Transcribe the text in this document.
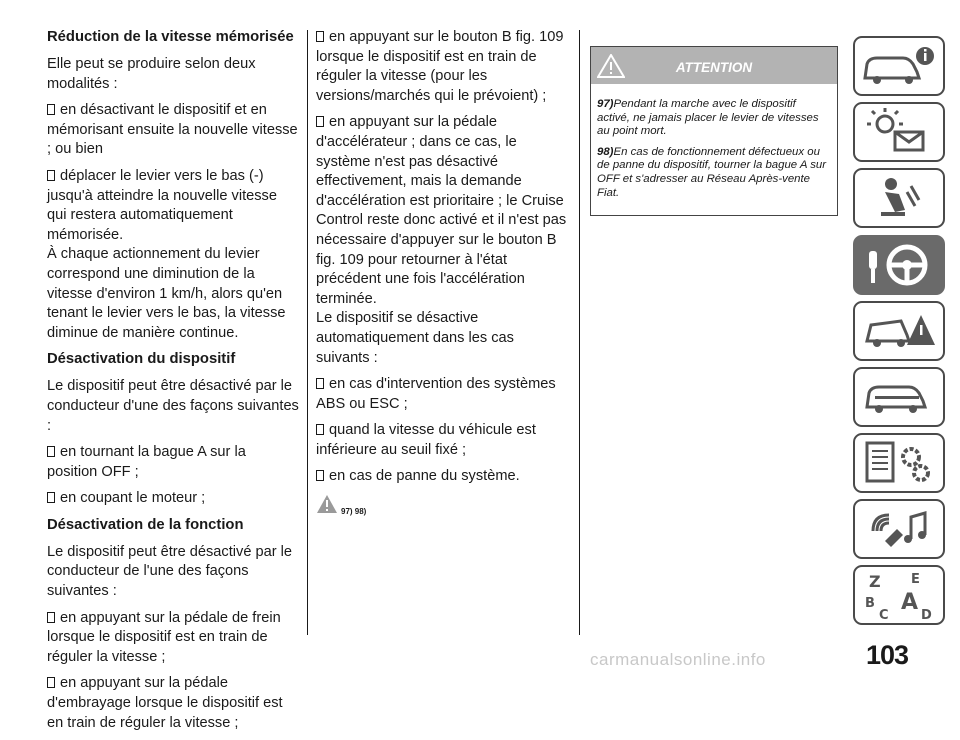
Réduction de la vitesse mémorisée

Elle peut se produire selon deux modalités :

en désactivant le dispositif et en mémorisant ensuite la nouvelle vitesse ; ou bien

déplacer le levier vers le bas (-) jusqu'à atteindre la nouvelle vitesse qui restera automatiquement mémorisée.
À chaque actionnement du levier correspond une diminution de la vitesse d'environ 1 km/h, alors qu'en tenant le levier vers le bas, la vitesse diminue de manière continue.

Désactivation du dispositif

Le dispositif peut être désactivé par le conducteur d'une des façons suivantes :

en tournant la bague A sur la position OFF ;

en coupant le moteur ;

Désactivation de la fonction

Le dispositif peut être désactivé par le conducteur de l'une des façons suivantes :

en appuyant sur la pédale de frein lorsque le dispositif est en train de réguler la vitesse ;

en appuyant sur la pédale d'embrayage lorsque le dispositif est en train de réguler la vitesse ;

en appuyant sur le bouton B fig. 109 lorsque le dispositif est en train de réguler la vitesse (pour les versions/marchés qui le prévoient) ;

en appuyant sur la pédale d'accélérateur ; dans ce cas, le système n'est pas désactivé effectivement, mais la demande d'accélération est prioritaire ; le Cruise Control reste donc activé et il n'est pas nécessaire d'appuyer sur le bouton B fig. 109 pour retourner à l'état précédent une fois l'accélération terminée.
Le dispositif se désactive automatiquement dans les cas suivants :

en cas d'intervention des systèmes ABS ou ESC ;

quand la vitesse du véhicule est inférieure au seuil fixé ;

en cas de panne du système.

97) 98)
ATTENTION

97)Pendant la marche avec le dispositif activé, ne jamais placer le levier de vitesses au point mort.

98)En cas de fonctionnement défectueux ou de panne du dispositif, tourner la bague A sur OFF et s'adresser au Réseau Après-vente Fiat.

Z E
B A
C D
103
carmanualsonline.info
